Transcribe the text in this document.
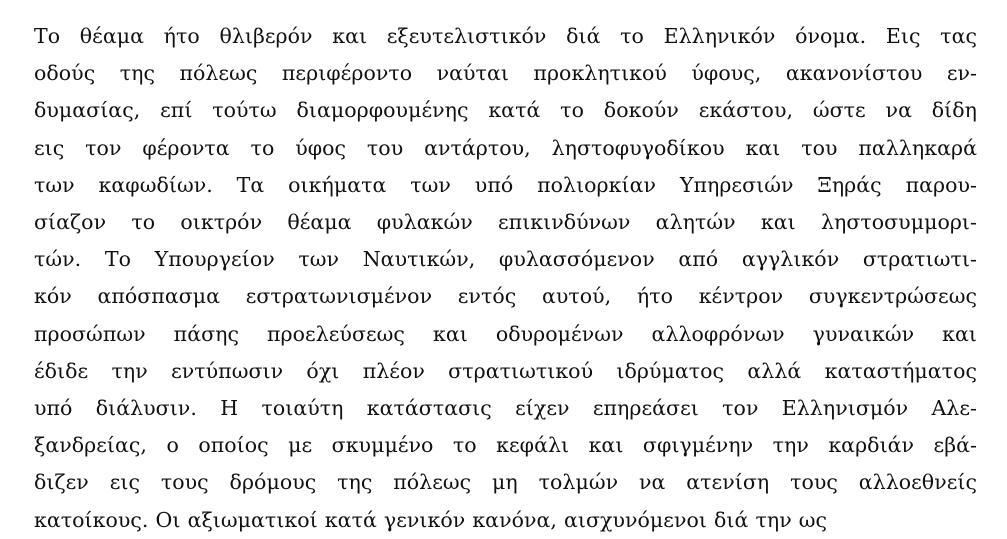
Το θέαμα ήτο θλιβερόν και εξευτελιστικόν διά το Ελληνικόν όνομα. Εις τας
οδούς της πόλεως περιφέροντο ναύται προκλητικού ύφους, ακανονίστου εν-
δυμασίας, επί τούτω διαμορφουμένης κατά το δοκούν εκάστου, ώστε να δίδη
εις τον φέροντα το ύφος του αντάρτου, ληστοφυγοδίκου και του παλληκαρά
των καφωδίων. Τα οικήματα των υπό πολιορκίαν Υπηρεσιών Ξηράς παρου-
σίαζον το οικτρόν θέαμα φυλακών επικινδύνων αλητών και ληστοσυμμορι-
τών. Το Υπουργείον των Ναυτικών, φυλασσόμενον από αγγλικόν στρατιωτι-
κόν απόσπασμα εστρατωνισμένον εντός αυτού, ήτο κέντρον συγκεντρώσεως
προσώπων πάσης προελεύσεως και οδυρομένων αλλοφρόνων γυναικών και
έδιδε την εντύπωσιν όχι πλέον στρατιωτικού ιδρύματος αλλά καταστήματος
υπό διάλυσιν. Η τοιαύτη κατάστασις είχεν επηρεάσει τον Ελληνισμόν Αλε-
ξανδρείας, ο οποίος με σκυμμένο το κεφάλι και σφιγμένην την καρδιάν εβά-
διζεν εις τους δρόμους της πόλεως μη τολμών να ατενίση τους αλλοεθνείς
κατοίκους. Οι αξιωματικοί κατά γενικόν κανόνα, αισχυνόμενοι διά την ως
